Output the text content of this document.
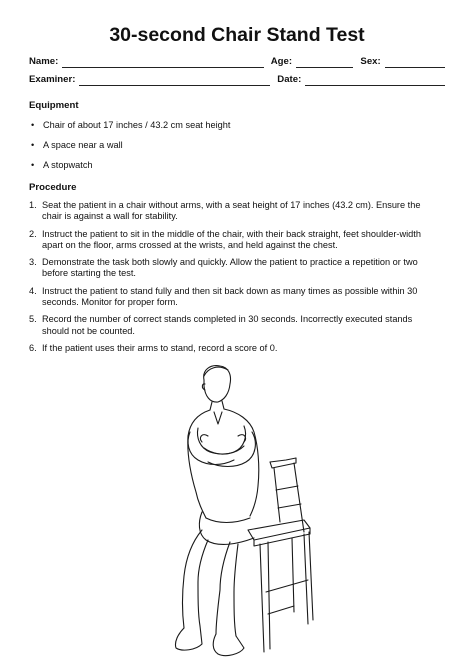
30-second Chair Stand Test
Name:	Age:	Sex:
Examiner:	Date:
Equipment
• Chair of about 17 inches / 43.2 cm seat height
• A space near a wall
• A stopwatch
Procedure
1. Seat the patient in a chair without arms, with a seat height of 17 inches (43.2 cm). Ensure the chair is against a wall for stability.
2. Instruct the patient to sit in the middle of the chair, with their back straight, feet shoulder-width apart on the floor, arms crossed at the wrists, and held against the chest.
3. Demonstrate the task both slowly and quickly. Allow the patient to practice a repetition or two before starting the test.
4. Instruct the patient to stand fully and then sit back down as many times as possible within 30 seconds. Monitor for proper form.
5. Record the number of correct stands completed in 30 seconds. Incorrectly executed stands should not be counted.
6. If the patient uses their arms to stand, record a score of 0.
